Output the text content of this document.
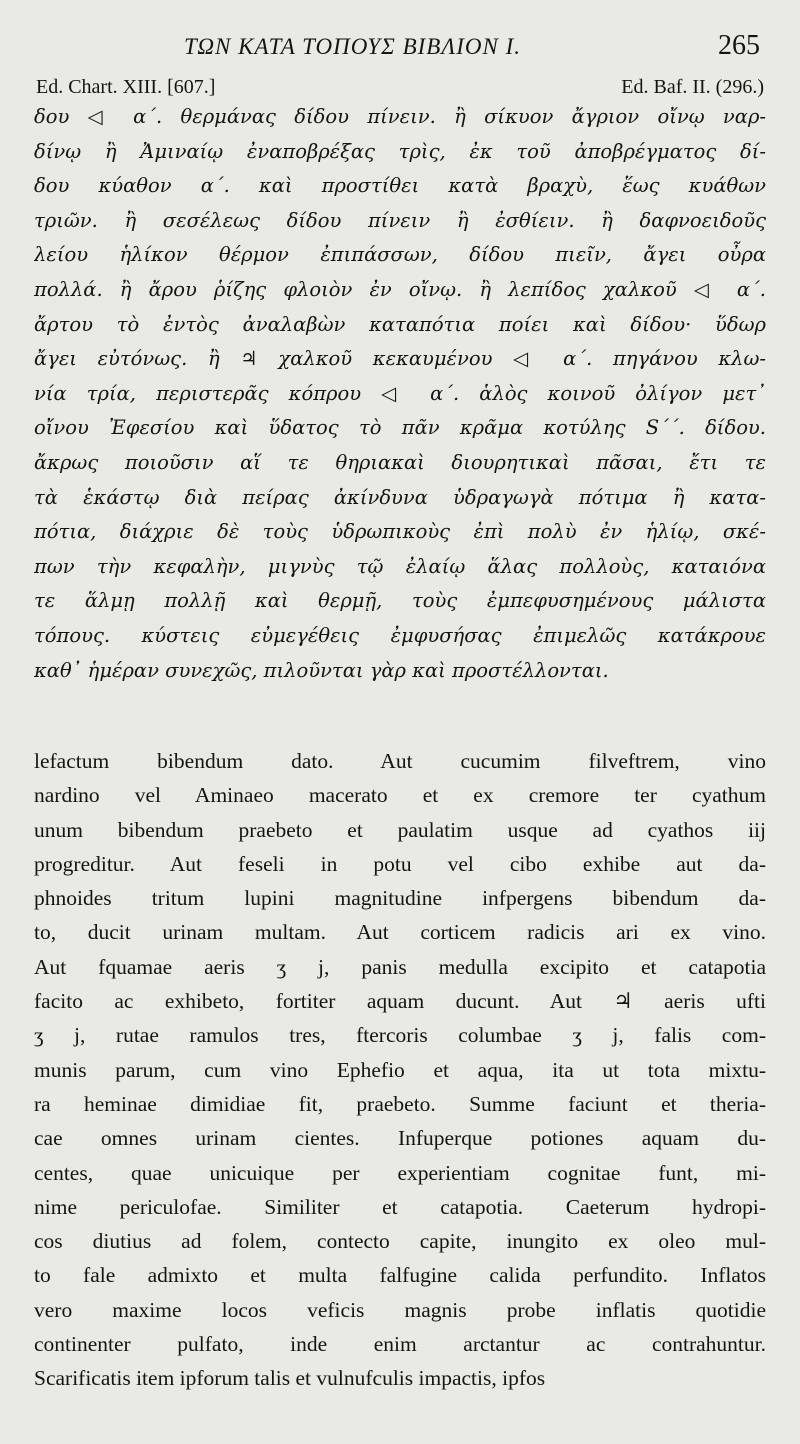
ΤΩΝ ΚΑΤΑ ΤΟΠΟΥΣ ΒΙΒΛΙΟΝ I.	265
Ed. Chart. XIII. [607.]	Ed. Baf. II. (296.)
δου ◁ α΄. θερμάνας δίδου πίνειν. ἢ σίκυον ἄγριον οἴνῳ ναρ-
δίνῳ ἢ Ἀμιναίῳ ἐναποβρέξας τρὶς, ἐκ τοῦ ἀποβρέγματος δί-
δου κύαθον α΄. καὶ προστίθει κατὰ βραχὺ, ἕως κυάθων
τριῶν. ἢ σεσέλεως δίδου πίνειν ἢ ἐσθίειν. ἢ δαφνοειδοῦς
λείου ἡλίκον θέρμον ἐπιπάσσων, δίδου πιεῖν, ἄγει οὖρα
πολλά. ἢ ἄρου ῥίζης φλοιὸν ἐν οἴνῳ. ἢ λεπίδος χαλκοῦ ◁ α΄.
ἄρτου τὸ ἐντὸς ἀναλαβὼν καταπότια ποίει καὶ δίδου· ὕδωρ
ἄγει εὐτόνως. ἢ ♃ χαλκοῦ κεκαυμένου ◁ α΄. πηγάνου κλω-
νία τρία, περιστερᾶς κόπρου ◁ α΄. ἁλὸς κοινοῦ ὀλίγον μετ᾿
οἴνου Ἐφεσίου καὶ ὕδατος τὸ πᾶν κρᾶμα κοτύλης S΄΄. δίδου.
ἄκρως ποιοῦσιν αἵ τε θηριακαὶ διουρητικαὶ πᾶσαι, ἔτι τε
τὰ ἑκάστῳ διὰ πείρας ἀκίνδυνα ὑδραγωγὰ πότιμα ἢ κατα-
πότια, διάχριε δὲ τοὺς ὑδρωπικοὺς ἐπὶ πολὺ ἐν ἡλίῳ, σκέ-
πων τὴν κεφαλὴν, μιγνὺς τῷ ἐλαίῳ ἅλας πολλοὺς, καταιόνα
τε ἅλμῃ πολλῇ καὶ θερμῇ, τοὺς ἐμπεφυσημένους μάλιστα
τόπους. κύστεις εὐμεγέθεις ἐμφυσήσας ἐπιμελῶς κατάκρουε
καθ᾿ ἡμέραν συνεχῶς, πιλοῦνται γὰρ καὶ προστέλλονται.
lefactum bibendum dato. Aut cucumim filveftrem, vino
nardino vel Aminaeo macerato et ex cremore ter cyathum
unum bibendum praebeto et paulatim usque ad cyathos iij
progreditur. Aut feseli in potu vel cibo exhibe aut da-
phnoides tritum lupini magnitudine infpergens bibendum da-
to, ducit urinam multam. Aut corticem radicis ari ex vino.
Aut fquamae aeris ʒ j, panis medulla excipito et catapotia
facito ac exhibeto, fortiter aquam ducunt. Aut ♃ aeris ufti
ʒ j, rutae ramulos tres, ftercoris columbae ʒ j, falis com-
munis parum, cum vino Ephefio et aqua, ita ut tota mixtu-
ra heminae dimidiae fit, praebeto. Summe faciunt et theria-
cae omnes urinam cientes. Infuperque potiones aquam du-
centes, quae unicuique per experientiam cognitae funt, mi-
nime periculofae. Similiter et catapotia. Caeterum hydropi-
cos diutius ad folem, contecto capite, inungito ex oleo mul-
to fale admixto et multa falfugine calida perfundito. Inflatos
vero maxime locos veficis magnis probe inflatis quotidie
continenter pulfato, inde enim arctantur ac contrahuntur.
Scarificatis item ipforum talis et vulnufculis impactis, ipfos
